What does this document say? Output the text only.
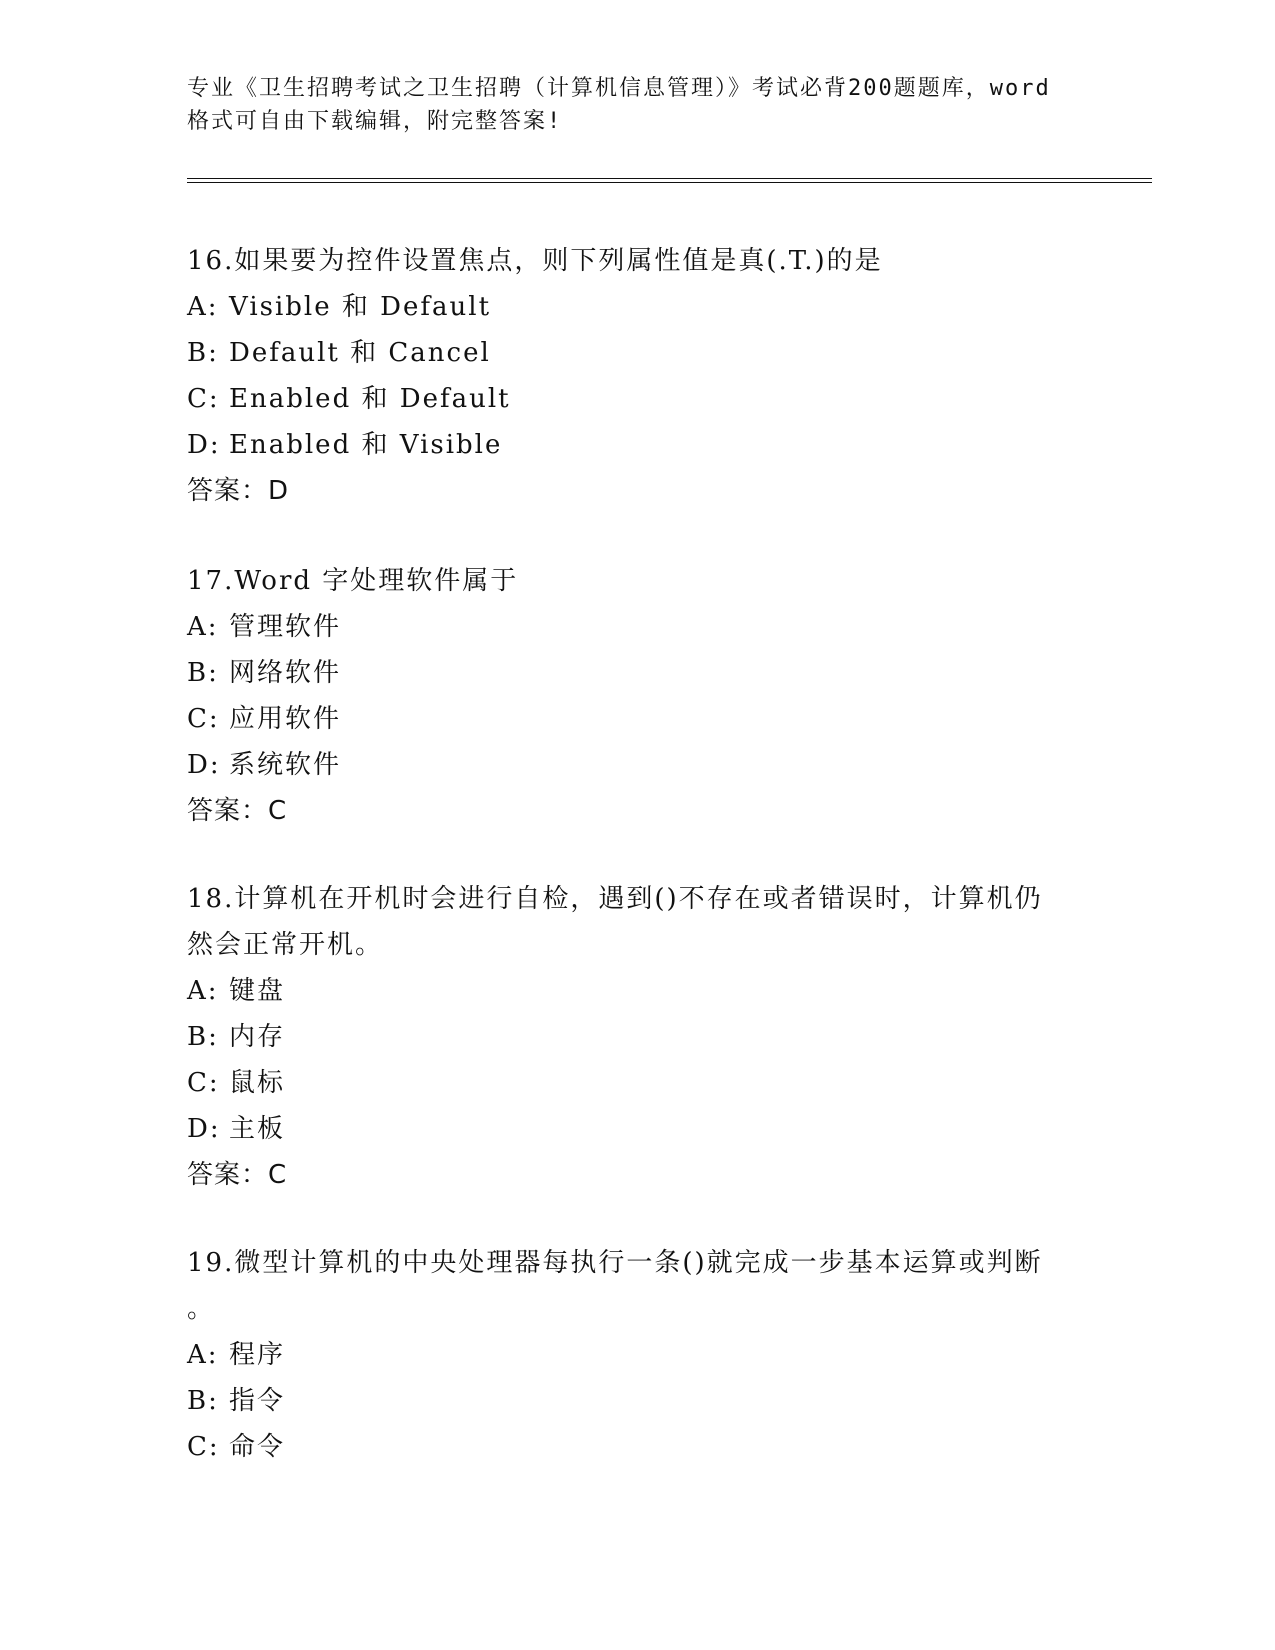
专业《卫生招聘考试之卫生招聘（计算机信息管理）》考试必背200题题库，word
格式可自由下载编辑，附完整答案!
16.如果要为控件设置焦点，则下列属性值是真(.T.)的是
A: Visible 和 Default
B: Default 和 Cancel
C: Enabled 和 Default
D: Enabled 和 Visible
答案：D
17.Word 字处理软件属于
A: 管理软件
B: 网络软件
C: 应用软件
D: 系统软件
答案：C
18.计算机在开机时会进行自检，遇到()不存在或者错误时，计算机仍
然会正常开机。
A: 键盘
B: 内存
C: 鼠标
D: 主板
答案：C
19.微型计算机的中央处理器每执行一条()就完成一步基本运算或判断
。
A: 程序
B: 指令
C: 命令
